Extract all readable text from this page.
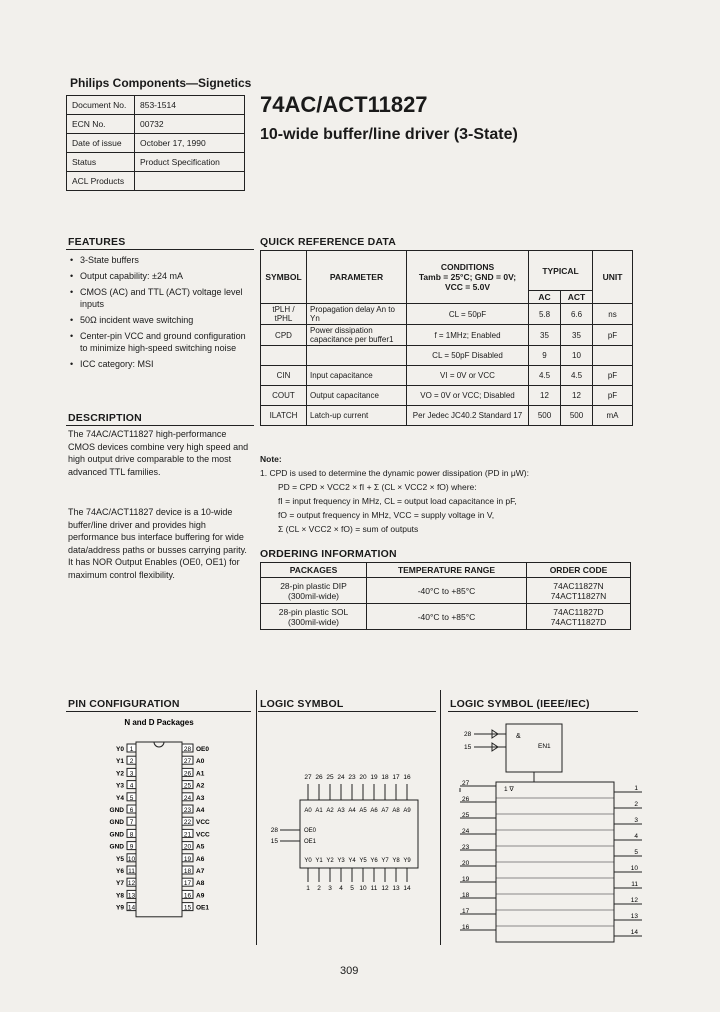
Philips Components—Signetics
Document No.	853-1514
ECN No.	00732
Date of issue	October 17, 1990
Status	Product Specification
ACL Products	
74AC/ACT11827
10-wide buffer/line driver (3-State)
FEATURES
• 3-State buffers
• Output capability: ±24 mA
• CMOS (AC) and TTL (ACT) voltage level inputs
• 50Ω incident wave switching
• Center-pin VCC and ground configuration to minimize high-speed switching noise
• ICC category: MSI
DESCRIPTION
The 74AC/ACT11827 high-performance CMOS devices combine very high speed and high output drive comparable to the most advanced TTL families.
The 74AC/ACT11827 device is a 10-wide buffer/line driver and provides high performance bus interface buffering for wide data/address paths or busses carrying parity. It has NOR Output Enables (OE0, OE1) for maximum control flexibility.
QUICK REFERENCE DATA
SYMBOL	PARAMETER	CONDITIONS
Tamb = 25°C; GND = 0V;
VCC = 5.0V	TYPICAL		UNIT
			AC	ACT	
tPLH / tPHL	Propagation delay An to Yn	CL = 50pF	5.8	6.6	ns
CPD	Power dissipation capacitance per buffer1	f = 1MHz; Enabled	35	35	pF
		CL = 50pF Disabled	9	10	
CIN	Input capacitance	VI = 0V or VCC	4.5	4.5	pF
COUT	Output capacitance	VO = 0V or VCC; Disabled	12	12	pF
ILATCH	Latch-up current	Per Jedec JC40.2 Standard 17	500	500	mA
Note:
1. CPD is used to determine the dynamic power dissipation (PD in μW):
PD = CPD × VCC2 × fI + Σ (CL × VCC2 × fO) where:
fI = input frequency in MHz, CL = output load capacitance in pF,
fO = output frequency in MHz, VCC = supply voltage in V,
Σ (CL × VCC2 × fO) = sum of outputs
ORDERING INFORMATION
PACKAGES	TEMPERATURE RANGE	ORDER CODE
28-pin plastic DIP (300mil-wide)	-40°C to +85°C	74AC11827N
74ACT11827N

28-pin plastic SOL (300mil-wide)	-40°C to +85°C	74AC11827D
74ACT11827D
PIN CONFIGURATION
N and D Packages
1
Y0
2
Y1
3
Y2
4
Y3
5
Y4
6
GND
7
GND
8
GND
9
GND
10
Y5
11
Y6
12
Y7
13
Y8
14
Y9
28 OE0
27 A0
26 A1
25 A2
24 A3
23 A4
22 VCC
21 VCC
20 A5
19 A6
18 A7
17 A8
16 A9
15 OE1
LOGIC SYMBOL
27
A0
Y0
1
26
A1
Y1
2
25
A2
Y2
3
24
A3
Y3
4
23
A4
Y4
5
20
A5
Y5
10
19
A6
Y6
11
18
A7
Y7
12
17
A8
Y8
13
16
A9
Y9
14
28	OE0
15	OE1
LOGIC SYMBOL (IEEE/IEC)
&
EN1
28
15
1 ∇
27
1
26
2
25
3
24
4
23
5
20
10
19
11
18
12
17
13
16
14
309
